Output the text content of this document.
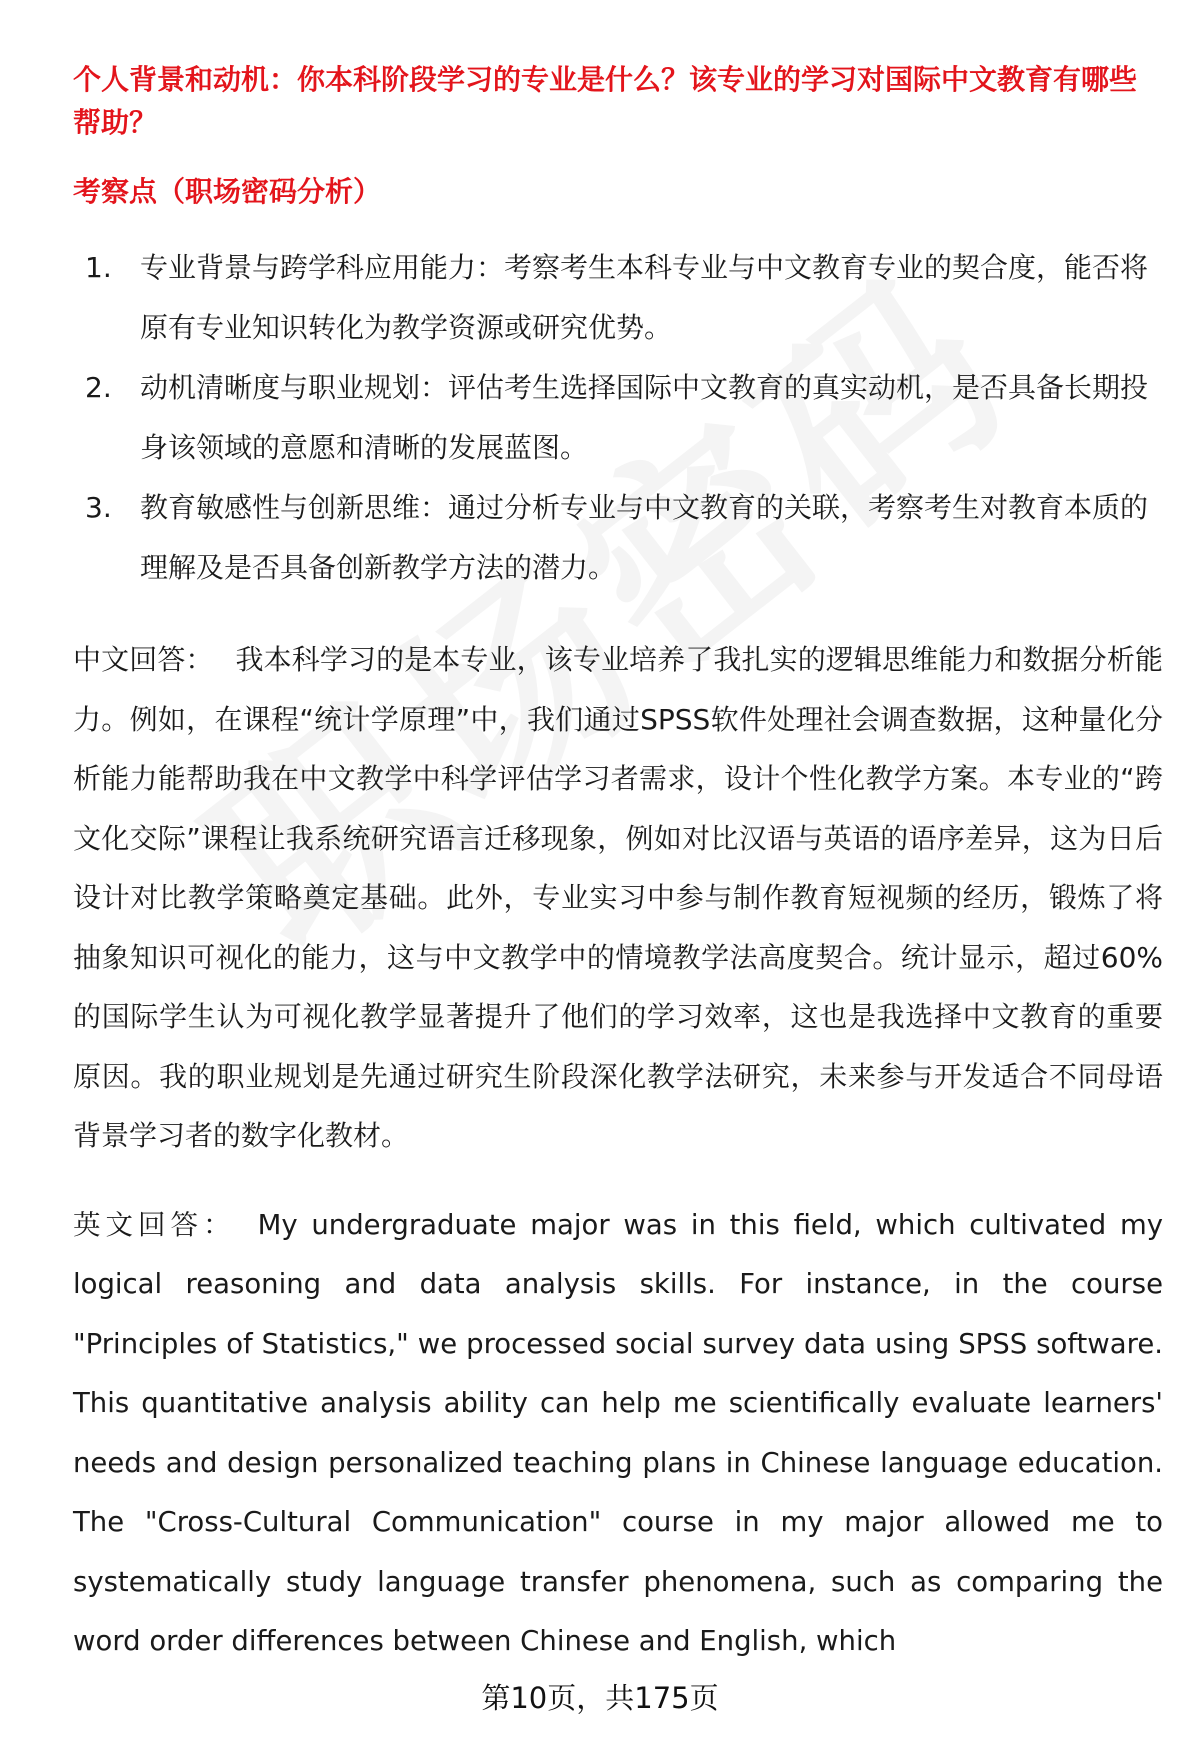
个人背景和动机：你本科阶段学习的专业是什么？该专业的学习对国际中文教育有哪些帮助？

考察点（职场密码分析）
1. 专业背景与跨学科应用能力：考察考生本科专业与中文教育专业的契合度，能否将原有专业知识转化为教学资源或研究优势。
2. 动机清晰度与职业规划：评估考生选择国际中文教育的真实动机，是否具备长期投身该领域的意愿和清晰的发展蓝图。
3. 教育敏感性与创新思维：通过分析专业与中文教育的关联，考察考生对教育本质的理解及是否具备创新教学方法的潜力。

中文回答： 我本科学习的是本专业，该专业培养了我扎实的逻辑思维能力和数据分析能力。例如，在课程“统计学原理”中，我们通过SPSS软件处理社会调查数据，这种量化分析能力能帮助我在中文教学中科学评估学习者需求，设计个性化教学方案。本专业的“跨文化交际”课程让我系统研究语言迁移现象，例如对比汉语与英语的语序差异，这为日后设计对比教学策略奠定基础。此外，专业实习中参与制作教育短视频的经历，锻炼了将抽象知识可视化的能力，这与中文教学中的情境教学法高度契合。统计显示，超过60%的国际学生认为可视化教学显著提升了他们的学习效率，这也是我选择中文教育的重要原因。我的职业规划是先通过研究生阶段深化教学法研究，未来参与开发适合不同母语背景学习者的数字化教材。

英文回答： My undergraduate major was in this field, which cultivated my logical reasoning and data analysis skills. For instance, in the course "Principles of Statistics," we processed social survey data using SPSS software. This quantitative analysis ability can help me scientifically evaluate learners' needs and design personalized teaching plans in Chinese language education. The "Cross-Cultural Communication" course in my major allowed me to systematically study language transfer phenomena, such as comparing the word order differences between Chinese and English, which

第10页，共175页
